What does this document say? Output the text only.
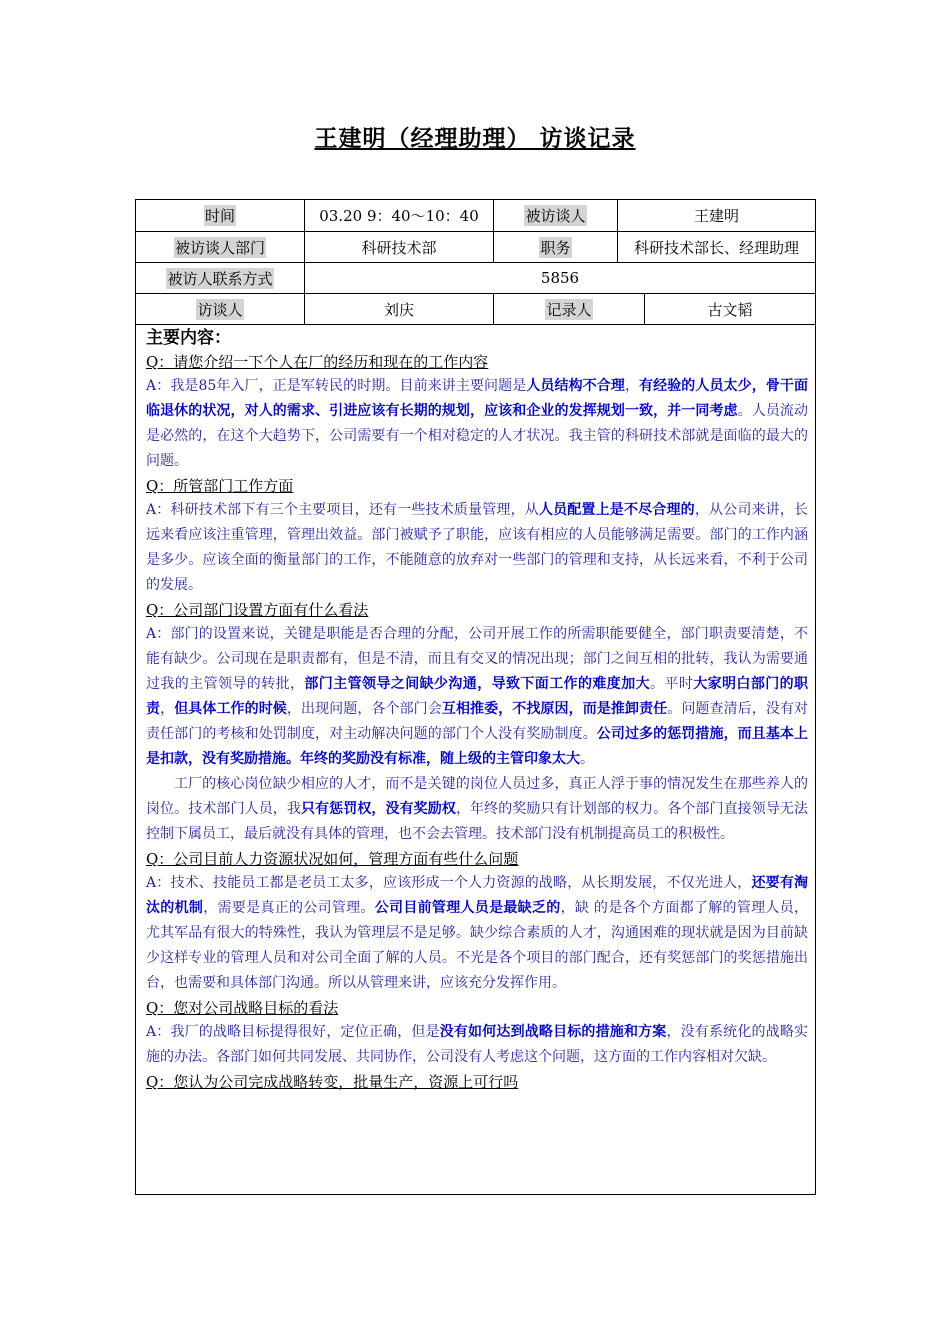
王建明（经理助理） 访谈记录
时间	03.20 9：40～10：40	被访谈人	王建明
被访谈人部门	科研技术部	职务	科研技术部长、经理助理
被访人联系方式	5856
访谈人	刘庆	记录人	古文韬
主要内容：
Q：请您介绍一下个人在厂的经历和现在的工作内容
A：我是85年入厂，正是军转民的时期。目前来讲主要问题是人员结构不合理，有经验的人员太少，骨干面临退休的状况，对人的需求、引进应该有长期的规划，应该和企业的发挥规划一致，并一同考虑。人员流动是必然的，在这个大趋势下，公司需要有一个相对稳定的人才状况。我主管的科研技术部就是面临的最大的问题。
Q：所管部门工作方面
A：科研技术部下有三个主要项目，还有一些技术质量管理，从人员配置上是不尽合理的，从公司来讲，长远来看应该注重管理，管理出效益。部门被赋予了职能，应该有相应的人员能够满足需要。部门的工作内涵是多少。应该全面的衡量部门的工作，不能随意的放弃对一些部门的管理和支持，从长远来看，不利于公司 的发展。
Q：公司部门设置方面有什么看法
A：部门的设置来说，关键是职能是否合理的分配，公司开展工作的所需职能要健全，部门职责要清楚，不能有缺少。公司现在是职责都有，但是不清，而且有交叉的情况出现；部门之间互相的批转，我认为需要通过我的主管领导的转批，部门主管领导之间缺少沟通，导致下面工作的难度加大。平时大家明白部门的职责，但具体工作的时候，出现问题，各个部门会互相推委，不找原因，而是推卸责任。问题查清后，没有对责任部门的考核和处罚制度，对主动解决问题的部门个人没有奖励制度。公司过多的惩罚措施，而且基本上是扣款，没有奖励措施。年终的奖励没有标准，随上级的主管印象太大。
工厂的核心岗位缺少相应的人才，而不是关键的岗位人员过多，真正人浮于事的情况发生在那些养人的岗位。技术部门人员，我只有惩罚权，没有奖励权，年终的奖励只有计划部的权力。各个部门直接领导无法控制下属员工，最后就没有具体的管理，也不会去管理。技术部门没有机制提高员工的积极性。
Q：公司目前人力资源状况如何，管理方面有些什么问题
A：技术、技能员工都是老员工太多，应该形成一个人力资源的战略，从长期发展，不仅光进人，还要有淘汰的机制，需要是真正的公司管理。公司目前管理人员是最缺乏的，缺 的是各个方面都了解的管理人员，尤其军品有很大的特殊性，我认为管理层不是足够。缺少综合素质的人才，沟通困难的现状就是因为目前缺少这样专业的管理人员和对公司全面了解的人员。不光是各个项目的部门配合，还有奖惩部门的奖惩措施出台，也需要和具体部门沟通。所以从管理来讲，应该充分发挥作用。
Q：您对公司战略目标的看法
A：我厂的战略目标提得很好，定位正确，但是没有如何达到战略目标的措施和方案，没有系统化的战略实施的办法。各部门如何共同发展、共同协作，公司没有人考虑这个问题，这方面的工作内容相对欠缺。
Q：您认为公司完成战略转变，批量生产，资源上可行吗
